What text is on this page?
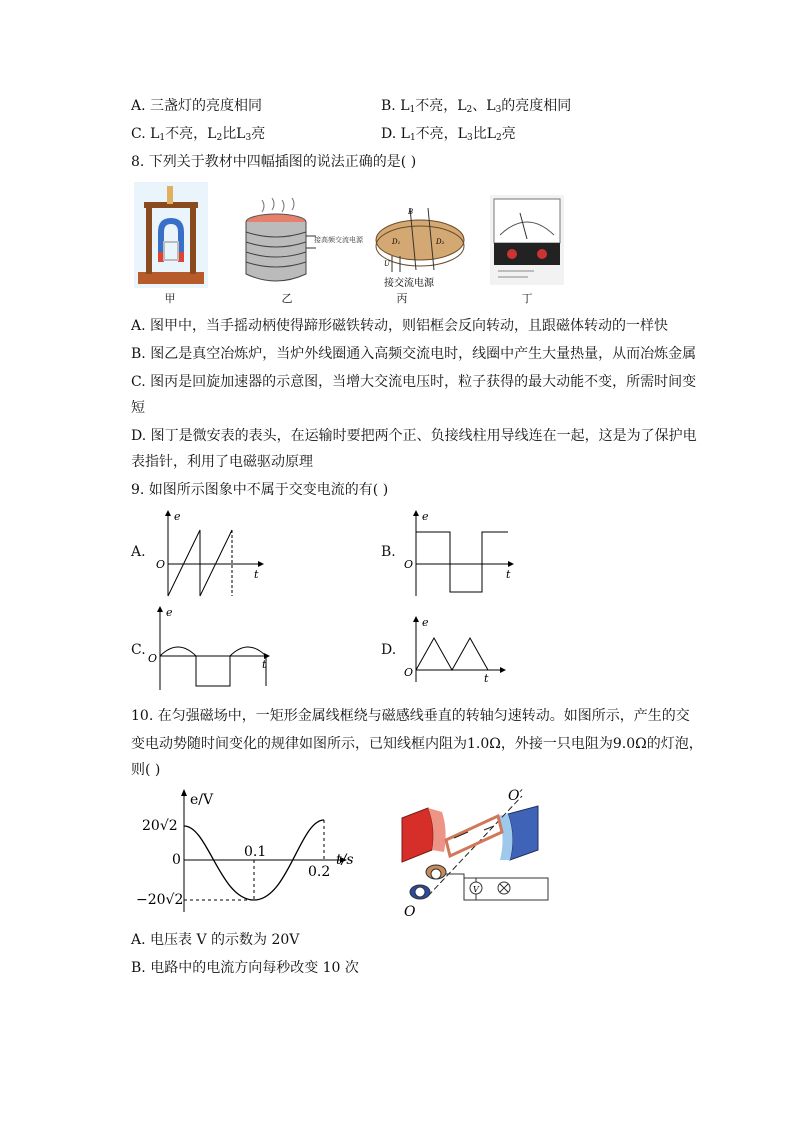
A. 三盏灯的亮度相同	B. $L_1$不亮，$L_2$、$L_3$的亮度相同
C. $L_1$不亮，$L_2$比$L_3$亮	D. $L_1$不亮，$L_3$比$L_2$亮
8. 下列关于教材中四幅插图的说法正确的是( )
接高频交流电源
B
D₁	D₂
U
接交流电源
甲	乙	丙	丁
A. 图甲中，当手摇动柄使得蹄形磁铁转动，则铝框会反向转动，且跟磁体转动的一样快
B. 图乙是真空冶炼炉，当炉外线圈通入高频交流电时，线圈中产生大量热量，从而冶炼金属
C. 图丙是回旋加速器的示意图，当增大交流电压时，粒子获得的最大动能不变，所需时间变
短
D. 图丁是微安表的表头，在运输时要把两个正、负接线柱用导线连在一起，这是为了保护电
表指针，利用了电磁驱动原理
9. 如图所示图象中不属于交变电流的有( )
A.
e
O
t
B.
e
O
t
C.
e
O	t
D.
e
O	t
10. 在匀强磁场中，一矩形金属线框绕与磁感线垂直的转轴匀速转动。如图所示，产生的交
变电动势随时间变化的规律如图所示，已知线框内阻为1.0Ω，外接一只电阻为9.0Ω的灯泡，
则( )
e/V
t/s
20√2
0
−20√2
0.1
0.2
V
O′
O
A. 电压表 V 的示数为 20V
B. 电路中的电流方向每秒改变 10 次
